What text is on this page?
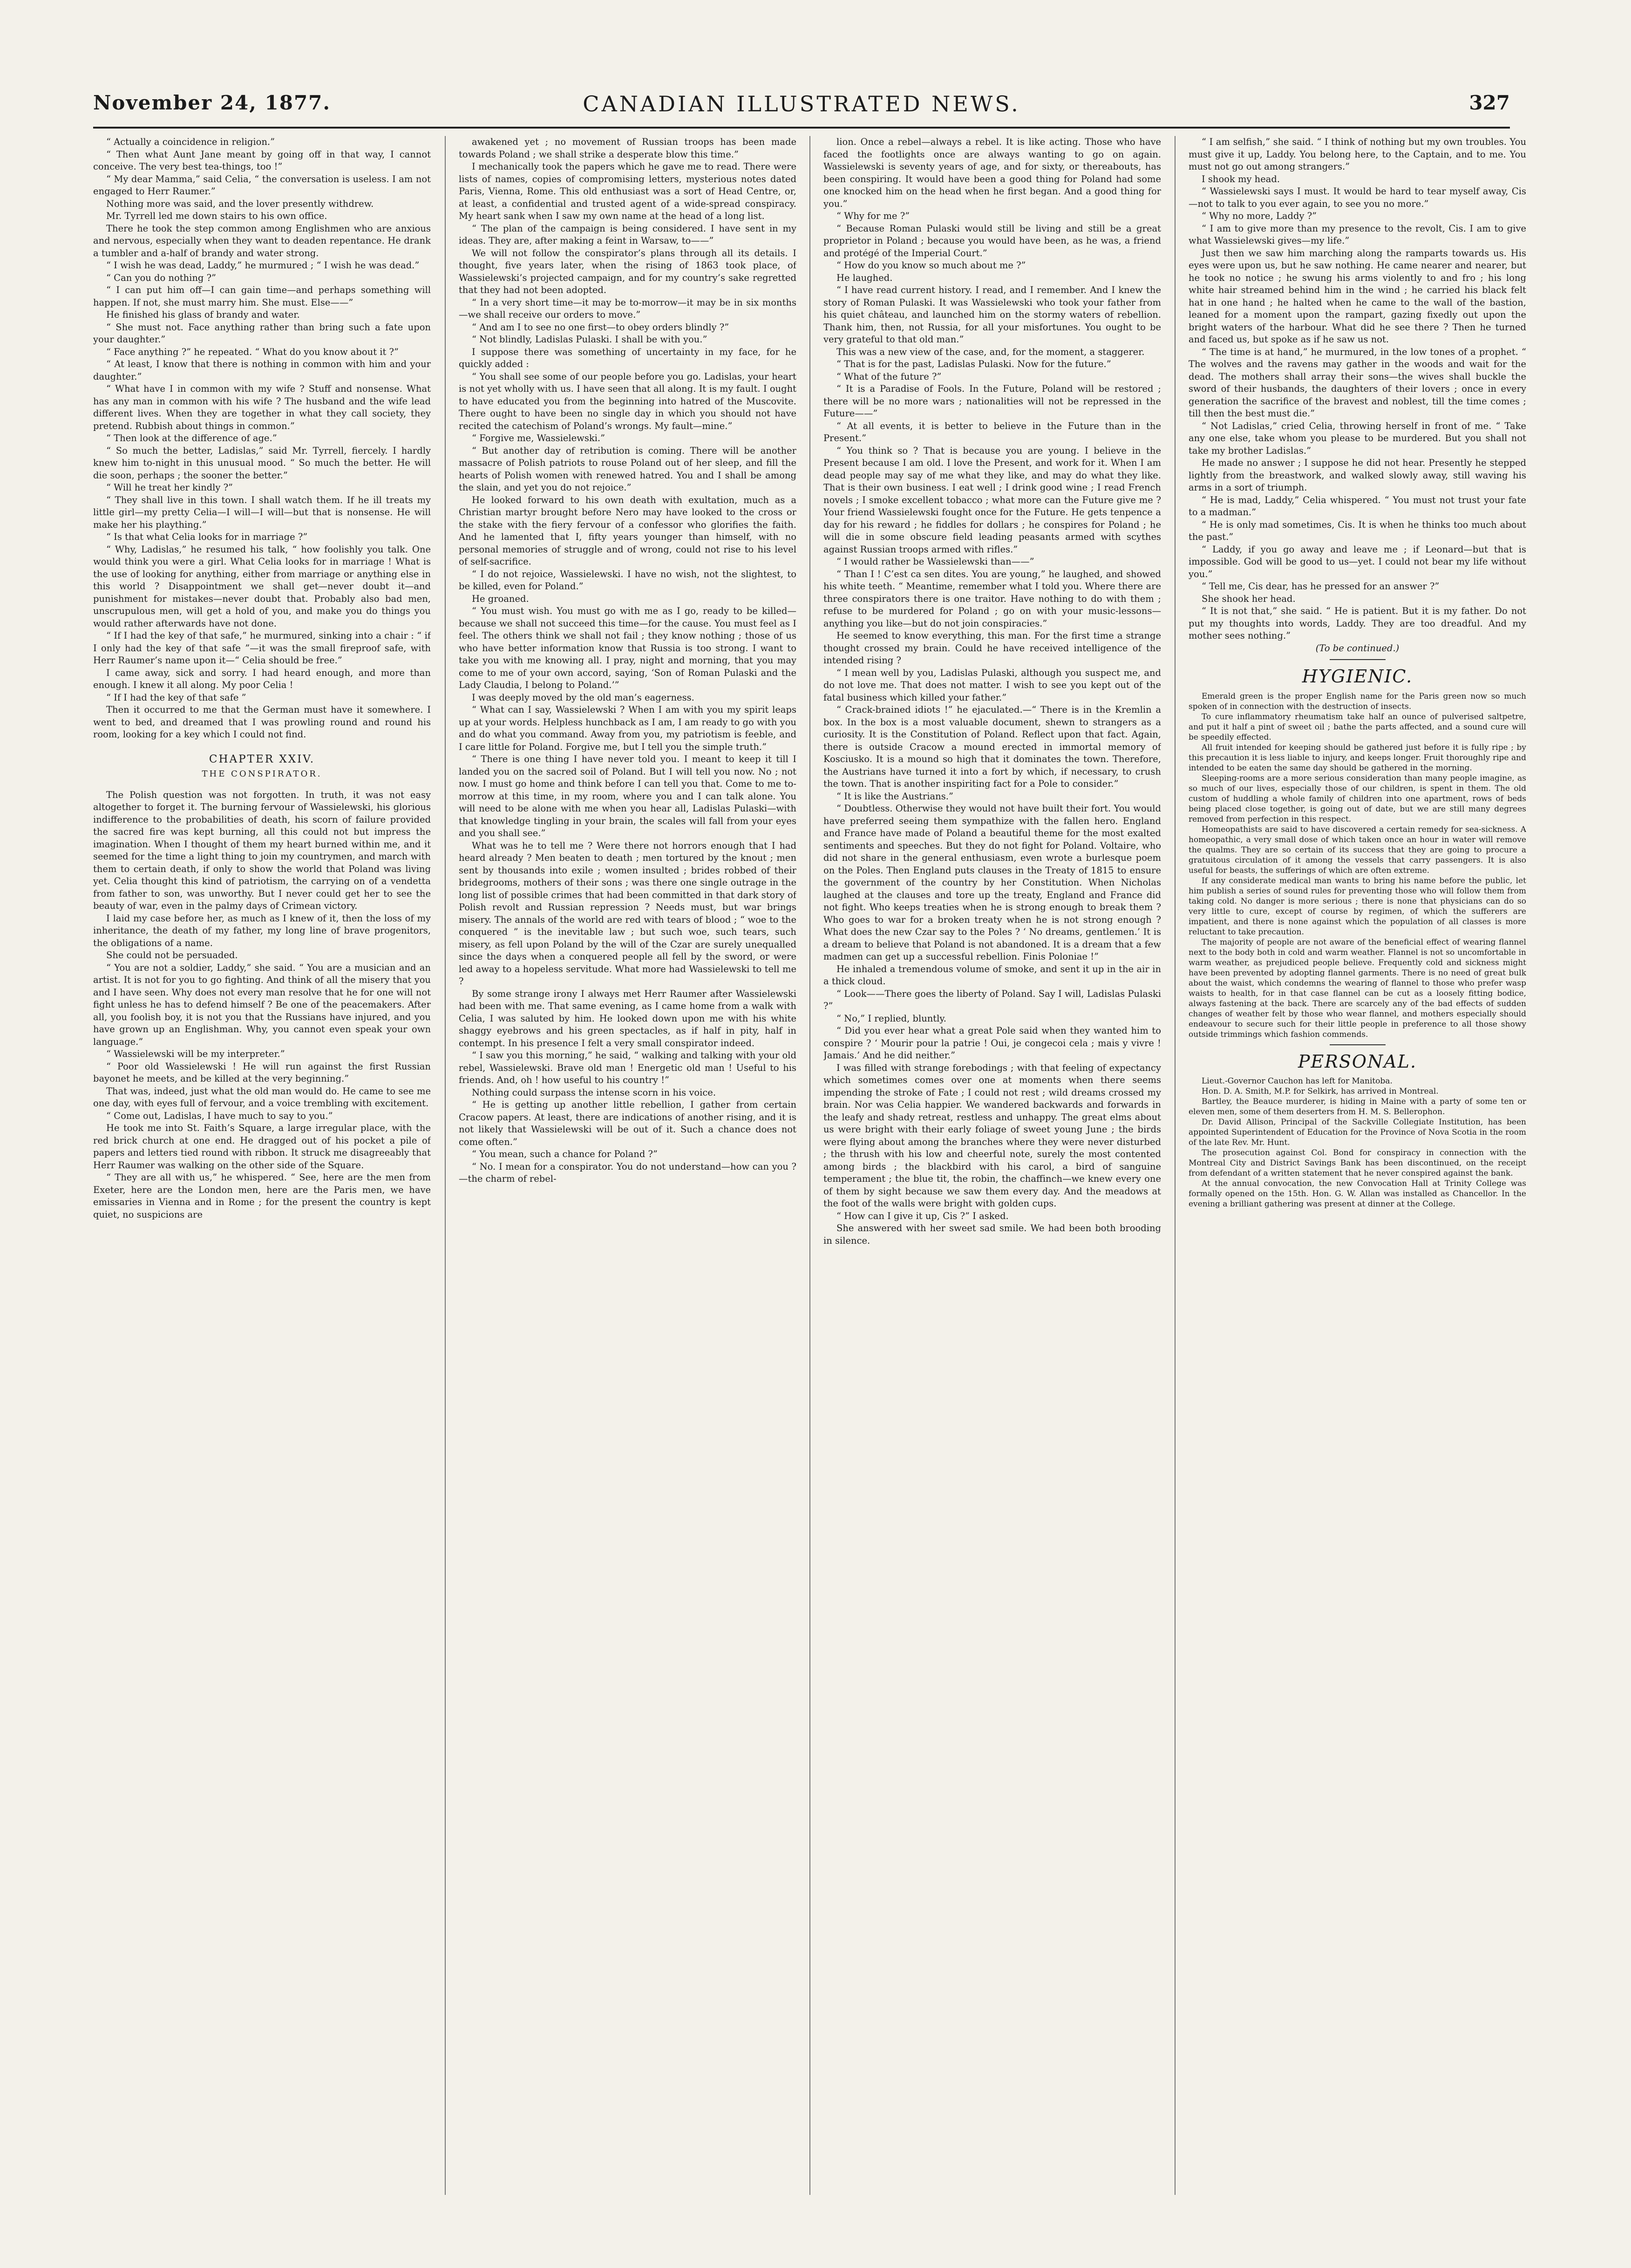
November 24, 1877.	CANADIAN ILLUSTRATED NEWS.	327

“ Actually a coincidence in religion.”

“ Then what Aunt Jane meant by going off in that way, I cannot conceive. The very best tea-things, too !”

“ My dear Mamma,” said Celia, “ the conversation is useless. I am not engaged to Herr Raumer.”

Nothing more was said, and the lover presently withdrew.

Mr. Tyrrell led me down stairs to his own office.

There he took the step common among Englishmen who are anxious and nervous, especially when they want to deaden repentance. He drank a tumbler and a-half of brandy and water strong.

“ I wish he was dead, Laddy,” he murmured ; “ I wish he was dead.”

“ Can you do nothing ?”

“ I can put him off—I can gain time—and perhaps something will happen. If not, she must marry him. She must. Else——”

He finished his glass of brandy and water.

“ She must not. Face anything rather than bring such a fate upon your daughter.”

“ Face anything ?” he repeated. “ What do you know about it ?”

“ At least, I know that there is nothing in common with him and your daughter.”

“ What have I in common with my wife ? Stuff and nonsense. What has any man in common with his wife ? The husband and the wife lead different lives. When they are together in what they call society, they pretend. Rubbish about things in common.”

“ Then look at the difference of age.”

“ So much the better, Ladislas,” said Mr. Tyrrell, fiercely. I hardly knew him to-night in this unusual mood. “ So much the better. He will die soon, perhaps ; the sooner the better.”

“ Will he treat her kindly ?”

“ They shall live in this town. I shall watch them. If he ill treats my little girl—my pretty Celia—I will—I will—but that is nonsense. He will make her his plaything.”

“ Is that what Celia looks for in marriage ?”

“ Why, Ladislas,” he resumed his talk, “ how foolishly you talk. One would think you were a girl. What Celia looks for in marriage ! What is the use of looking for anything, either from marriage or anything else in this world ? Disappointment we shall get—never doubt it—and punishment for mistakes—never doubt that. Probably also bad men, unscrupulous men, will get a hold of you, and make you do things you would rather afterwards have not done.

“ If I had the key of that safe,” he murmured, sinking into a chair : “ if I only had the key of that safe ”—it was the small fireproof safe, with Herr Raumer’s name upon it—“ Celia should be free.”

I came away, sick and sorry. I had heard enough, and more than enough. I knew it all along. My poor Celia !

“ If I had the key of that safe ”

Then it occurred to me that the German must have it somewhere. I went to bed, and dreamed that I was prowling round and round his room, looking for a key which I could not find.

CHAPTER XXIV.
THE CONSPIRATOR.

The Polish question was not forgotten. In truth, it was not easy altogether to forget it. The burning fervour of Wassielewski, his glorious indifference to the probabilities of death, his scorn of failure provided the sacred fire was kept burning, all this could not but impress the imagination. When I thought of them my heart burned within me, and it seemed for the time a light thing to join my countrymen, and march with them to certain death, if only to show the world that Poland was living yet. Celia thought this kind of patriotism, the carrying on of a vendetta from father to son, was unworthy. But I never could get her to see the beauty of war, even in the palmy days of Crimean victory.

I laid my case before her, as much as I knew of it, then the loss of my inheritance, the death of my father, my long line of brave progenitors, the obligations of a name.

She could not be persuaded.

“ You are not a soldier, Laddy,” she said. “ You are a musician and an artist. It is not for you to go fighting. And think of all the misery that you and I have seen. Why does not every man resolve that he for one will not fight unless he has to defend himself ? Be one of the peacemakers. After all, you foolish boy, it is not you that the Russians have injured, and you have grown up an Englishman. Why, you cannot even speak your own language.”

“ Wassielewski will be my interpreter.”

“ Poor old Wassielewski ! He will run against the first Russian bayonet he meets, and be killed at the very beginning.”

That was, indeed, just what the old man would do. He came to see me one day, with eyes full of fervour, and a voice trembling with excitement.

“ Come out, Ladislas, I have much to say to you.”

He took me into St. Faith’s Square, a large irregular place, with the red brick church at one end. He dragged out of his pocket a pile of papers and letters tied round with ribbon. It struck me disagreeably that Herr Raumer was walking on the other side of the Square.

“ They are all with us,” he whispered. “ See, here are the men from Exeter, here are the London men, here are the Paris men, we have emissaries in Vienna and in Rome ; for the present the country is kept quiet, no suspicions are

awakened yet ; no movement of Russian troops has been made towards Poland ; we shall strike a desperate blow this time.”

I mechanically took the papers which he gave me to read. There were lists of names, copies of compromising letters, mysterious notes dated Paris, Vienna, Rome. This old enthusiast was a sort of Head Centre, or, at least, a confidential and trusted agent of a wide-spread conspiracy. My heart sank when I saw my own name at the head of a long list.

“ The plan of the campaign is being considered. I have sent in my ideas. They are, after making a feint in Warsaw, to——”

We will not follow the conspirator’s plans through all its details. I thought, five years later, when the rising of 1863 took place, of Wassielewski’s projected campaign, and for my country’s sake regretted that they had not been adopted.

“ In a very short time—it may be to-morrow—it may be in six months—we shall receive our orders to move.”

“ And am I to see no one first—to obey orders blindly ?”

“ Not blindly, Ladislas Pulaski. I shall be with you.”

I suppose there was something of uncertainty in my face, for he quickly added :

“ You shall see some of our people before you go. Ladislas, your heart is not yet wholly with us. I have seen that all along. It is my fault. I ought to have educated you from the beginning into hatred of the Muscovite. There ought to have been no single day in which you should not have recited the catechism of Poland’s wrongs. My fault—mine.”

“ Forgive me, Wassielewski.”

“ But another day of retribution is coming. There will be another massacre of Polish patriots to rouse Poland out of her sleep, and fill the hearts of Polish women with renewed hatred. You and I shall be among the slain, and yet you do not rejoice.”

He looked forward to his own death with exultation, much as a Christian martyr brought before Nero may have looked to the cross or the stake with the fiery fervour of a confessor who glorifies the faith. And he lamented that I, fifty years younger than himself, with no personal memories of struggle and of wrong, could not rise to his level of self-sacrifice.

“ I do not rejoice, Wassielewski. I have no wish, not the slightest, to be killed, even for Poland.”

He groaned.

“ You must wish. You must go with me as I go, ready to be killed—because we shall not succeed this time—for the cause. You must feel as I feel. The others think we shall not fail ; they know nothing ; those of us who have better information know that Russia is too strong. I want to take you with me knowing all. I pray, night and morning, that you may come to me of your own accord, saying, ‘Son of Roman Pulaski and the Lady Claudia, I belong to Poland.’”

I was deeply moved by the old man’s eagerness.

“ What can I say, Wassielewski ? When I am with you my spirit leaps up at your words. Helpless hunchback as I am, I am ready to go with you and do what you command. Away from you, my patriotism is feeble, and I care little for Poland. Forgive me, but I tell you the simple truth.”

“ There is one thing I have never told you. I meant to keep it till I landed you on the sacred soil of Poland. But I will tell you now. No ; not now. I must go home and think before I can tell you that. Come to me to-morrow at this time, in my room, where you and I can talk alone. You will need to be alone with me when you hear all, Ladislas Pulaski—with that knowledge tingling in your brain, the scales will fall from your eyes and you shall see.”

What was he to tell me ? Were there not horrors enough that I had heard already ? Men beaten to death ; men tortured by the knout ; men sent by thousands into exile ; women insulted ; brides robbed of their bridegrooms, mothers of their sons ; was there one single outrage in the long list of possible crimes that had been committed in that dark story of Polish revolt and Russian repression ? Needs must, but war brings misery. The annals of the world are red with tears of blood ; “ woe to the conquered ” is the inevitable law ; but such woe, such tears, such misery, as fell upon Poland by the will of the Czar are surely unequalled since the days when a conquered people all fell by the sword, or were led away to a hopeless servitude. What more had Wassielewski to tell me ?

By some strange irony I always met Herr Raumer after Wassielewski had been with me. That same evening, as I came home from a walk with Celia, I was saluted by him. He looked down upon me with his white shaggy eyebrows and his green spectacles, as if half in pity, half in contempt. In his presence I felt a very small conspirator indeed.

“ I saw you this morning,” he said, “ walking and talking with your old rebel, Wassielewski. Brave old man ! Energetic old man ! Useful to his friends. And, oh ! how useful to his country !”

Nothing could surpass the intense scorn in his voice.

“ He is getting up another little rebellion, I gather from certain Cracow papers. At least, there are indications of another rising, and it is not likely that Wassielewski will be out of it. Such a chance does not come often.”

“ You mean, such a chance for Poland ?”

“ No. I mean for a conspirator. You do not understand—how can you ?—the charm of rebel-

lion. Once a rebel—always a rebel. It is like acting. Those who have faced the footlights once are always wanting to go on again. Wassielewski is seventy years of age, and for sixty, or thereabouts, has been conspiring. It would have been a good thing for Poland had some one knocked him on the head when he first began. And a good thing for you.”

“ Why for me ?”

“ Because Roman Pulaski would still be living and still be a great proprietor in Poland ; because you would have been, as he was, a friend and protégé of the Imperial Court.”

“ How do you know so much about me ?”

He laughed.

“ I have read current history. I read, and I remember. And I knew the story of Roman Pulaski. It was Wassielewski who took your father from his quiet château, and launched him on the stormy waters of rebellion. Thank him, then, not Russia, for all your misfortunes. You ought to be very grateful to that old man.”

This was a new view of the case, and, for the moment, a staggerer.

“ That is for the past, Ladislas Pulaski. Now for the future.”

“ What of the future ?”

“ It is a Paradise of Fools. In the Future, Poland will be restored ; there will be no more wars ; nationalities will not be repressed in the Future——”

“ At all events, it is better to believe in the Future than in the Present.”

“ You think so ? That is because you are young. I believe in the Present because I am old. I love the Present, and work for it. When I am dead people may say of me what they like, and may do what they like. That is their own business. I eat well ; I drink good wine ; I read French novels ; I smoke excellent tobacco ; what more can the Future give me ? Your friend Wassielewski fought once for the Future. He gets tenpence a day for his reward ; he fiddles for dollars ; he conspires for Poland ; he will die in some obscure field leading peasants armed with scythes against Russian troops armed with rifles.”

“ I would rather be Wassielewski than——”

“ Than I ! C’est ca sen dites. You are young,” he laughed, and showed his white teeth. “ Meantime, remember what I told you. Where there are three conspirators there is one traitor. Have nothing to do with them ; refuse to be murdered for Poland ; go on with your music-lessons—anything you like—but do not join conspiracies.”

He seemed to know everything, this man. For the first time a strange thought crossed my brain. Could he have received intelligence of the intended rising ?

“ I mean well by you, Ladislas Pulaski, although you suspect me, and do not love me. That does not matter. I wish to see you kept out of the fatal business which killed your father.”

“ Crack-brained idiots !” he ejaculated.—“ There is in the Kremlin a box. In the box is a most valuable document, shewn to strangers as a curiosity. It is the Constitution of Poland. Reflect upon that fact. Again, there is outside Cracow a mound erected in immortal memory of Kosciusko. It is a mound so high that it dominates the town. Therefore, the Austrians have turned it into a fort by which, if necessary, to crush the town. That is another inspiriting fact for a Pole to consider.”

“ It is like the Austrians.”

“ Doubtless. Otherwise they would not have built their fort. You would have preferred seeing them sympathize with the fallen hero. England and France have made of Poland a beautiful theme for the most exalted sentiments and speeches. But they do not fight for Poland. Voltaire, who did not share in the general enthusiasm, even wrote a burlesque poem on the Poles. Then England puts clauses in the Treaty of 1815 to ensure the government of the country by her Constitution. When Nicholas laughed at the clauses and tore up the treaty, England and France did not fight. Who keeps treaties when he is strong enough to break them ? Who goes to war for a broken treaty when he is not strong enough ? What does the new Czar say to the Poles ? ‘ No dreams, gentlemen.’ It is a dream to believe that Poland is not abandoned. It is a dream that a few madmen can get up a successful rebellion. Finis Poloniae !”

He inhaled a tremendous volume of smoke, and sent it up in the air in a thick cloud.

“ Look——There goes the liberty of Poland. Say I will, Ladislas Pulaski ?”

“ No,” I replied, bluntly.

“ Did you ever hear what a great Pole said when they wanted him to conspire ? ‘ Mourir pour la patrie ! Oui, je congecoi cela ; mais y vivre ! Jamais.’ And he did neither.”

I was filled with strange forebodings ; with that feeling of expectancy which sometimes comes over one at moments when there seems impending the stroke of Fate ; I could not rest ; wild dreams crossed my brain. Nor was Celia happier. We wandered backwards and forwards in the leafy and shady retreat, restless and unhappy. The great elms about us were bright with their early foliage of sweet young June ; the birds were flying about among the branches where they were never disturbed ; the thrush with his low and cheerful note, surely the most contented among birds ; the blackbird with his carol, a bird of sanguine temperament ; the blue tit, the robin, the chaffinch—we knew every one of them by sight because we saw them every day. And the meadows at the foot of the walls were bright with golden cups.

“ How can I give it up, Cis ?” I asked.

She answered with her sweet sad smile. We had been both brooding in silence.

“ I am selfish,” she said. “ I think of nothing but my own troubles. You must give it up, Laddy. You belong here, to the Captain, and to me. You must not go out among strangers.”

I shook my head.

“ Wassielewski says I must. It would be hard to tear myself away, Cis—not to talk to you ever again, to see you no more.”

“ Why no more, Laddy ?”

“ I am to give more than my presence to the revolt, Cis. I am to give what Wassielewski gives—my life.”

Just then we saw him marching along the ramparts towards us. His eyes were upon us, but he saw nothing. He came nearer and nearer, but he took no notice ; he swung his arms violently to and fro ; his long white hair streamed behind him in the wind ; he carried his black felt hat in one hand ; he halted when he came to the wall of the bastion, leaned for a moment upon the rampart, gazing fixedly out upon the bright waters of the harbour. What did he see there ? Then he turned and faced us, but spoke as if he saw us not.

“ The time is at hand,” he murmured, in the low tones of a prophet. “ The wolves and the ravens may gather in the woods and wait for the dead. The mothers shall array their sons—the wives shall buckle the sword of their husbands, the daughters of their lovers ; once in every generation the sacrifice of the bravest and noblest, till the time comes ; till then the best must die.”

“ Not Ladislas,” cried Celia, throwing herself in front of me. “ Take any one else, take whom you please to be murdered. But you shall not take my brother Ladislas.”

He made no answer ; I suppose he did not hear. Presently he stepped lightly from the breastwork, and walked slowly away, still waving his arms in a sort of triumph.

“ He is mad, Laddy,” Celia whispered. “ You must not trust your fate to a madman.”

“ He is only mad sometimes, Cis. It is when he thinks too much about the past.”

“ Laddy, if you go away and leave me ; if Leonard—but that is impossible. God will be good to us—yet. I could not bear my life without you.”

“ Tell me, Cis dear, has he pressed for an answer ?”

She shook her head.

“ It is not that,” she said. “ He is patient. But it is my father. Do not put my thoughts into words, Laddy. They are too dreadful. And my mother sees nothing.”

(To be continued.)

HYGIENIC.

Emerald green is the proper English name for the Paris green now so much spoken of in connection with the destruction of insects.

To cure inflammatory rheumatism take half an ounce of pulverised saltpetre, and put it half a pint of sweet oil ; bathe the parts affected, and a sound cure will be speedily effected.

All fruit intended for keeping should be gathered just before it is fully ripe ; by this precaution it is less liable to injury, and keeps longer. Fruit thoroughly ripe and intended to be eaten the same day should be gathered in the morning.

Sleeping-rooms are a more serious consideration than many people imagine, as so much of our lives, especially those of our children, is spent in them. The old custom of huddling a whole family of children into one apartment, rows of beds being placed close together, is going out of date, but we are still many degrees removed from perfection in this respect.

Homeopathists are said to have discovered a certain remedy for sea-sickness. A homeopathic, a very small dose of which taken once an hour in water will remove the qualms. They are so certain of its success that they are going to procure a gratuitous circulation of it among the vessels that carry passengers. It is also useful for beasts, the sufferings of which are often extreme.

If any considerate medical man wants to bring his name before the public, let him publish a series of sound rules for preventing those who will follow them from taking cold. No danger is more serious ; there is none that physicians can do so very little to cure, except of course by regimen, of which the sufferers are impatient, and there is none against which the population of all classes is more reluctant to take precaution.

The majority of people are not aware of the beneficial effect of wearing flannel next to the body both in cold and warm weather. Flannel is not so uncomfortable in warm weather, as prejudiced people believe. Frequently cold and sickness might have been prevented by adopting flannel garments. There is no need of great bulk about the waist, which condemns the wearing of flannel to those who prefer wasp waists to health, for in that case flannel can be cut as a loosely fitting bodice, always fastening at the back. There are scarcely any of the bad effects of sudden changes of weather felt by those who wear flannel, and mothers especially should endeavour to secure such for their little people in preference to all those showy outside trimmings which fashion commends.

PERSONAL.

Lieut.-Governor Cauchon has left for Manitoba.

Hon. D. A. Smith, M.P. for Selkirk, has arrived in Montreal.

Bartley, the Beauce murderer, is hiding in Maine with a party of some ten or eleven men, some of them deserters from H. M. S. Bellerophon.

Dr. David Allison, Principal of the Sackville Collegiate Institution, has been appointed Superintendent of Education for the Province of Nova Scotia in the room of the late Rev. Mr. Hunt.

The prosecution against Col. Bond for conspiracy in connection with the Montreal City and District Savings Bank has been discontinued, on the receipt from defendant of a written statement that he never conspired against the bank.

At the annual convocation, the new Convocation Hall at Trinity College was formally opened on the 15th. Hon. G. W. Allan was installed as Chancellor. In the evening a brilliant gathering was present at dinner at the College.
